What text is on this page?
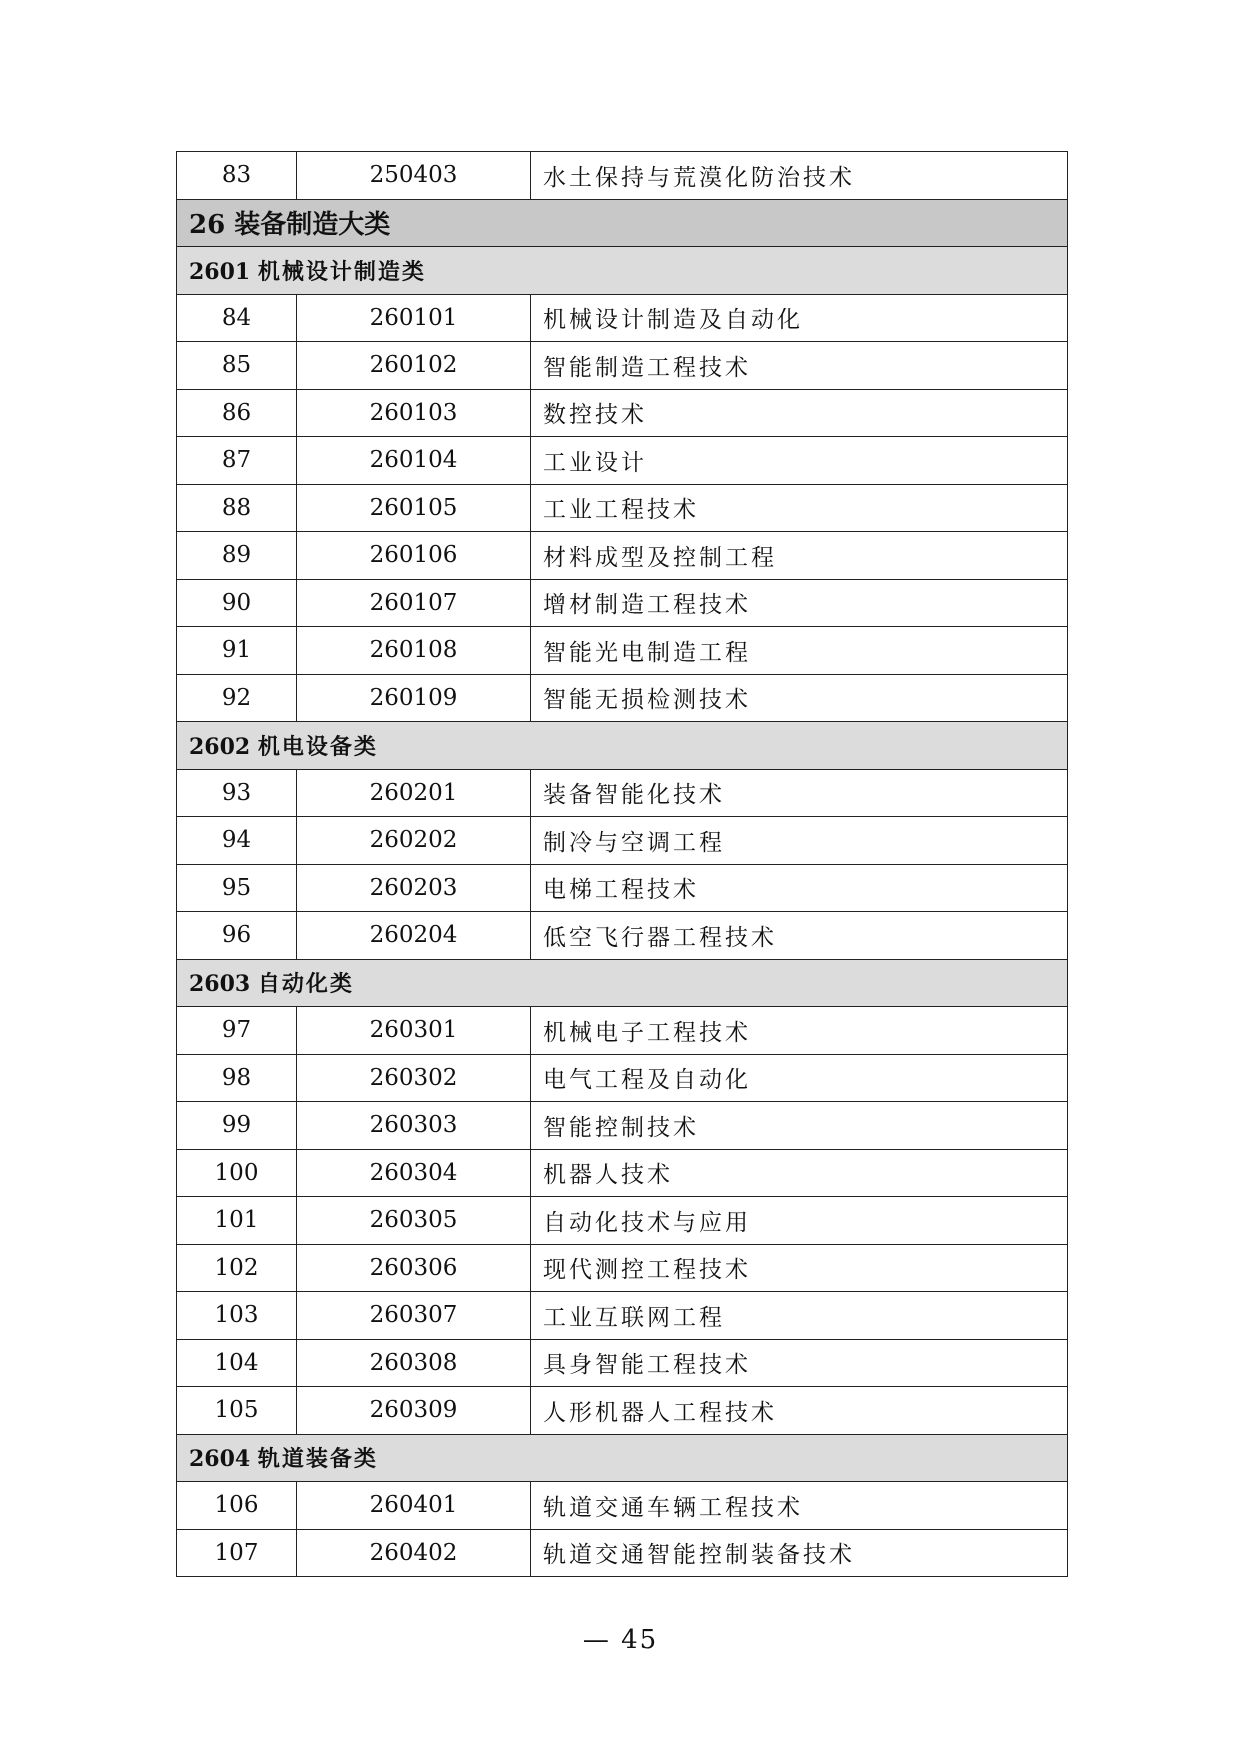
83	250403	水土保持与荒漠化防治技术
26 装备制造大类		
2601 机械设计制造类		
84	260101	机械设计制造及自动化
85	260102	智能制造工程技术
86	260103	数控技术
87	260104	工业设计
88	260105	工业工程技术
89	260106	材料成型及控制工程
90	260107	增材制造工程技术
91	260108	智能光电制造工程
92	260109	智能无损检测技术
2602 机电设备类		
93	260201	装备智能化技术
94	260202	制冷与空调工程
95	260203	电梯工程技术
96	260204	低空飞行器工程技术
2603 自动化类		
97	260301	机械电子工程技术
98	260302	电气工程及自动化
99	260303	智能控制技术
100	260304	机器人技术
101	260305	自动化技术与应用
102	260306	现代测控工程技术
103	260307	工业互联网工程
104	260308	具身智能工程技术
105	260309	人形机器人工程技术
2604 轨道装备类		
106	260401	轨道交通车辆工程技术
107	260402	轨道交通智能控制装备技术
— 45
